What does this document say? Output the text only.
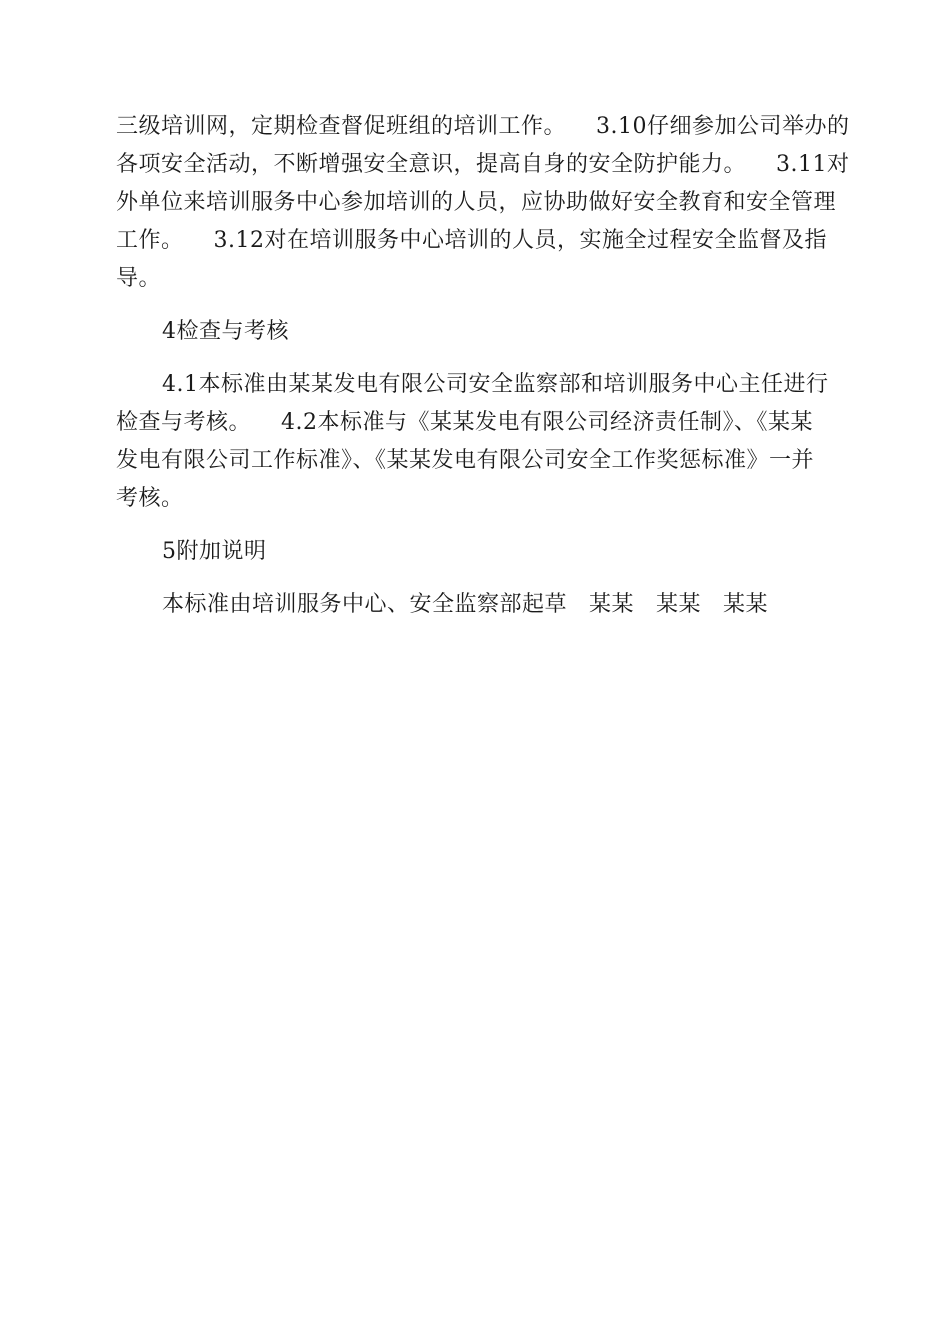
三级培训网，定期检查督促班组的培训工作。 3.10仔细参加公司举办的
各项安全活动，不断增强安全意识，提高自身的安全防护能力。 3.11对
外单位来培训服务中心参加培训的人员，应协助做好安全教育和安全管理
工作。 3.12对在培训服务中心培训的人员，实施全过程安全监督及指
导。

4检查与考核

4.1本标准由某某发电有限公司安全监察部和培训服务中心主任进行
检查与考核。 4.2本标准与《某某发电有限公司经济责任制》、《某某
发电有限公司工作标准》、《某某发电有限公司安全工作奖惩标准》一并
考核。

5附加说明

本标准由培训服务中心、安全监察部起草 某某 某某 某某
